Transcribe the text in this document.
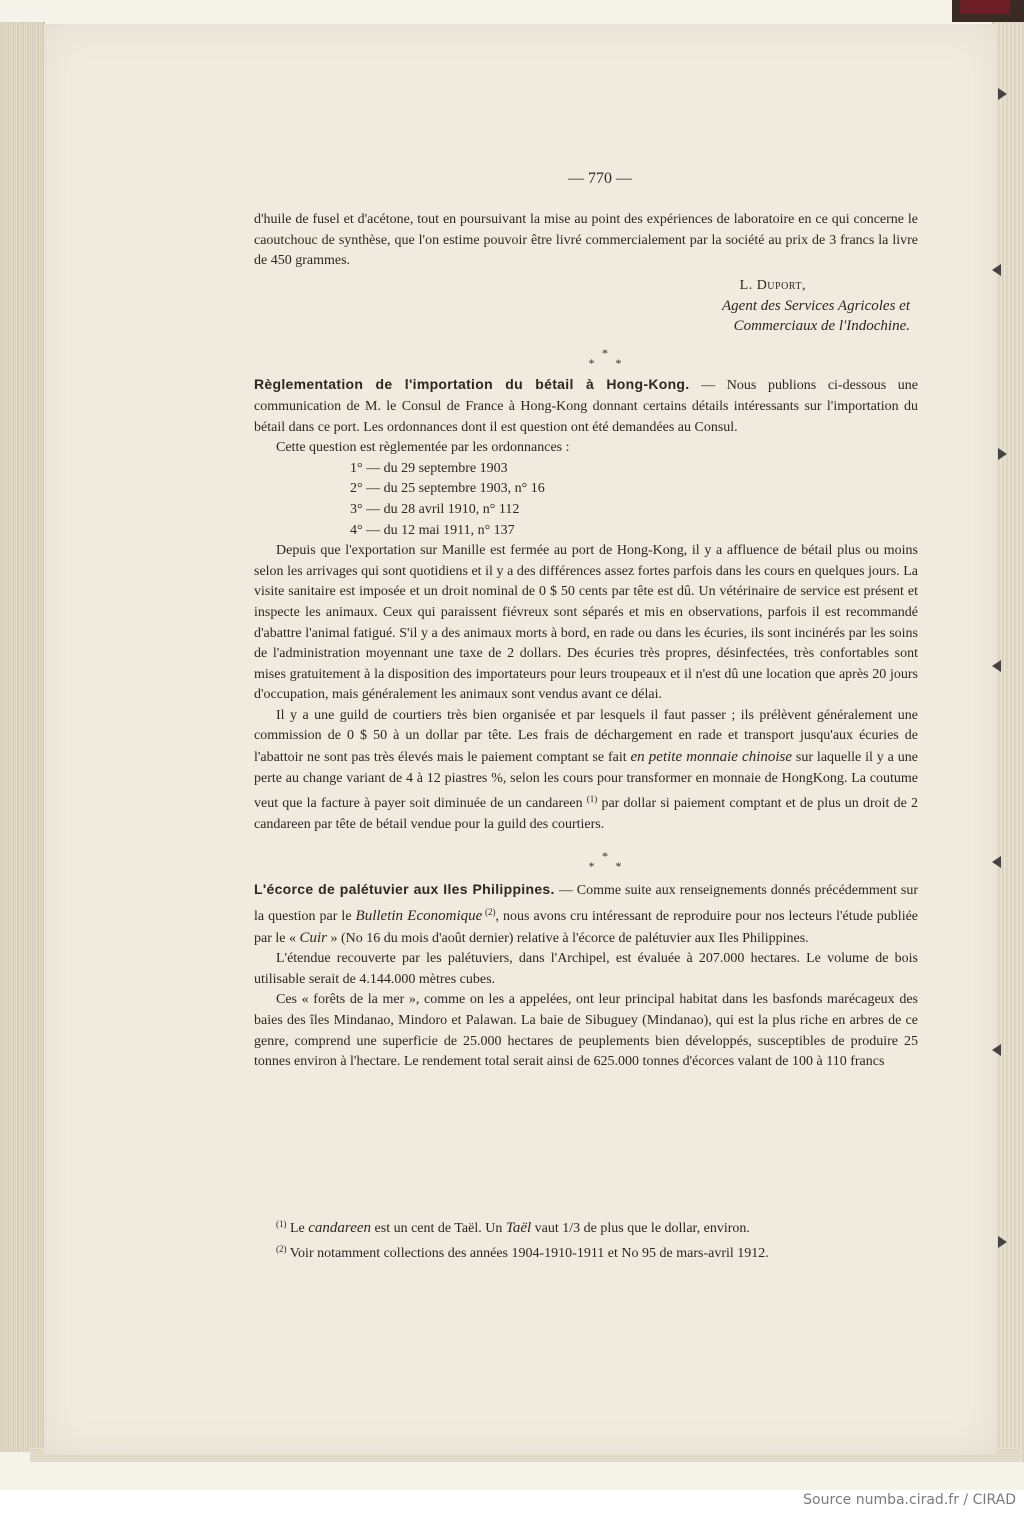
— 770 —

d'huile de fusel et d'acétone, tout en poursuivant la mise au point des expériences de laboratoire en ce qui concerne le caoutchouc de synthèse, que l'on estime pouvoir être livré commercialement par la société au prix de 3 francs la livre de 450 grammes.

L. Duport,

Agent des Services Agricoles et

Commerciaux de l'Indochine.

*
* *

Règlementation de l'importation du bétail à Hong-Kong. — Nous publions ci-dessous une communication de M. le Consul de France à Hong-Kong donnant certains détails intéressants sur l'importation du bétail dans ce port. Les ordonnances dont il est question ont été demandées au Consul.

Cette question est règlementée par les ordonnances :

1° — du 29 septembre 1903
2° — du 25 septembre 1903, n° 16
3° — du 28 avril 1910, n° 112
4° — du 12 mai 1911, n° 137

Depuis que l'exportation sur Manille est fermée au port de Hong-Kong, il y a affluence de bétail plus ou moins selon les arrivages qui sont quotidiens et il y a des différences assez fortes parfois dans les cours en quelques jours. La visite sanitaire est imposée et un droit nominal de 0 $ 50 cents par tête est dû. Un vétérinaire de service est présent et inspecte les animaux. Ceux qui paraissent fiévreux sont séparés et mis en observations, parfois il est recommandé d'abattre l'animal fatigué. S'il y a des animaux morts à bord, en rade ou dans les écuries, ils sont incinérés par les soins de l'administration moyennant une taxe de 2 dollars. Des écuries très propres, désinfectées, très confortables sont mises gratuitement à la disposition des importateurs pour leurs troupeaux et il n'est dû une location que après 20 jours d'occupation, mais généralement les animaux sont vendus avant ce délai.

Il y a une guild de courtiers très bien organisée et par lesquels il faut passer ; ils prélèvent généralement une commission de 0 $ 50 à un dollar par tête. Les frais de déchargement en rade et transport jusqu'aux écuries de l'abattoir ne sont pas très élevés mais le paiement comptant se fait en petite monnaie chinoise sur laquelle il y a une perte au change variant de 4 à 12 piastres %, selon les cours pour transformer en monnaie de HongKong. La coutume veut que la facture à payer soit diminuée de un candareen $^{(1)}$ par dollar si paiement comptant et de plus un droit de 2 candareen par tête de bétail vendue pour la guild des courtiers.

*
* *

L'écorce de palétuvier aux Iles Philippines. — Comme suite aux renseignements donnés précédemment sur la question par le Bulletin Economique $^{(2)}$, nous avons cru intéressant de reproduire pour nos lecteurs l'étude publiée par le « Cuir » (No 16 du mois d'août dernier) relative à l'écorce de palétuvier aux Iles Philippines.

L'étendue recouverte par les palétuviers, dans l'Archipel, est évaluée à 207.000 hectares. Le volume de bois utilisable serait de 4.144.000 mètres cubes.

Ces « forêts de la mer », comme on les a appelées, ont leur principal habitat dans les basfonds marécageux des baies des îles Mindanao, Mindoro et Palawan. La baie de Sibuguey (Mindanao), qui est la plus riche en arbres de ce genre, comprend une superficie de 25.000 hectares de peuplements bien développés, susceptibles de produire 25 tonnes environ à l'hectare. Le rendement total serait ainsi de 625.000 tonnes d'écorces valant de 100 à 110 francs

$^{(1)}$ Le candareen est un cent de Taël. Un Taël vaut 1/3 de plus que le dollar, environ.

$^{(2)}$ Voir notamment collections des années 1904-1910-1911 et No 95 de mars-avril 1912.

Source numba.cirad.fr / CIRAD
